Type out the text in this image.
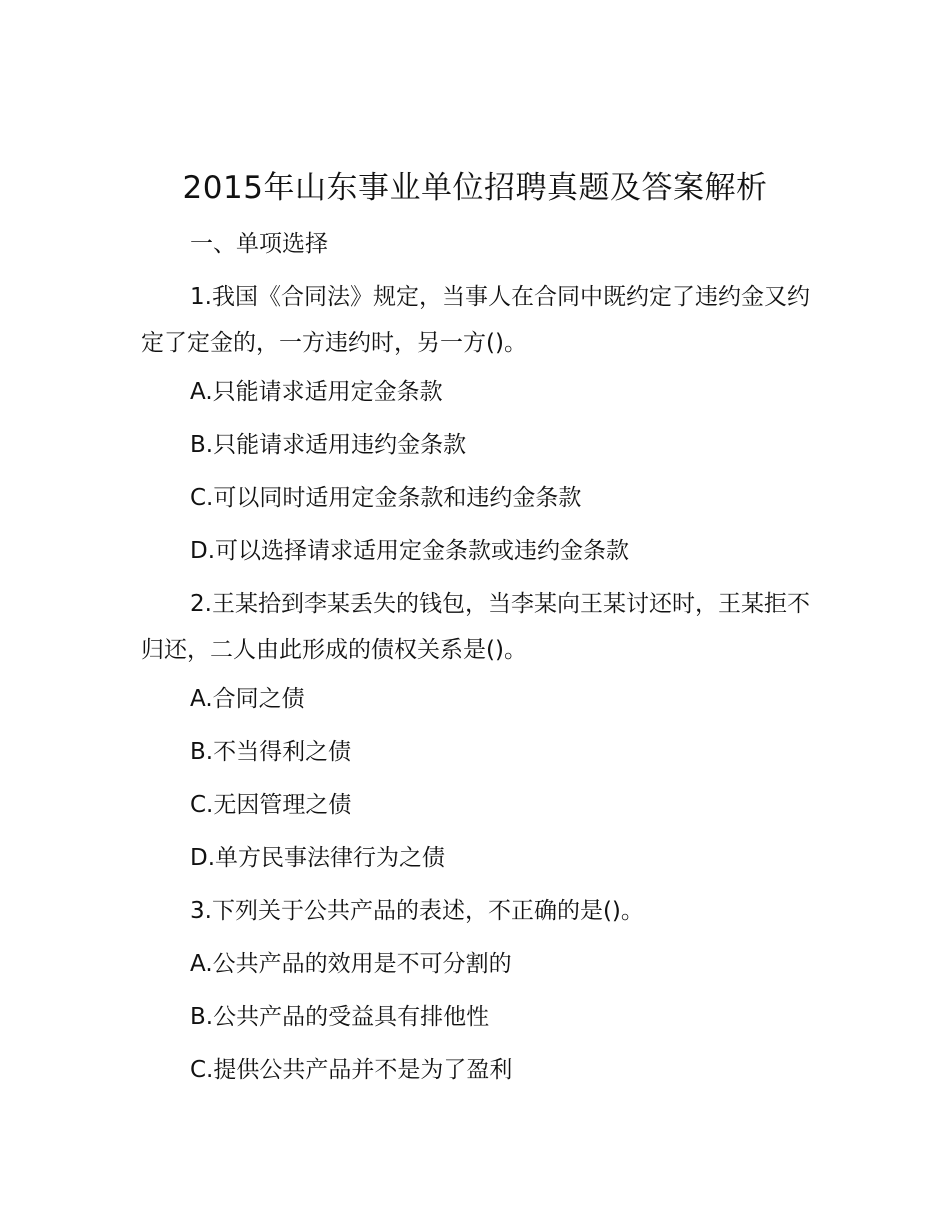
2015年山东事业单位招聘真题及答案解析
一、单项选择
1.我国《合同法》规定，当事人在合同中既约定了违约金又约定了定金的，一方违约时，另一方()。
A.只能请求适用定金条款
B.只能请求适用违约金条款
C.可以同时适用定金条款和违约金条款
D.可以选择请求适用定金条款或违约金条款
2.王某拾到李某丢失的钱包，当李某向王某讨还时，王某拒不归还，二人由此形成的债权关系是()。
A.合同之债
B.不当得利之债
C.无因管理之债
D.单方民事法律行为之债
3.下列关于公共产品的表述，不正确的是()。
A.公共产品的效用是不可分割的
B.公共产品的受益具有排他性
C.提供公共产品并不是为了盈利
